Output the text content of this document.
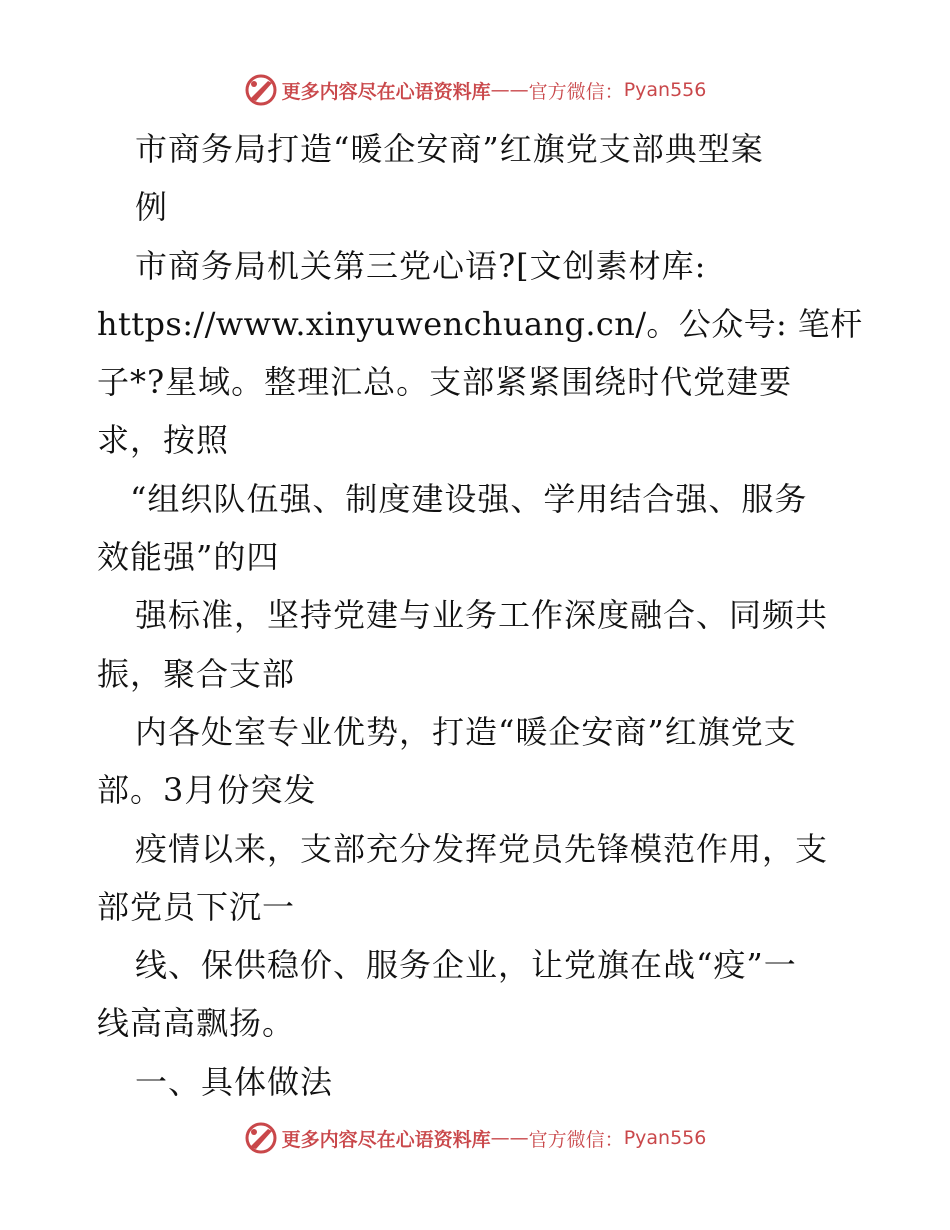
更多内容尽在心语资料库 —— 官方微信： Pyan556
市商务局打造“暖企安商”红旗党支部典型案
例
市商务局机关第三党心语?[文创素材库:
https://www.xinyuwenchuang.cn/。公众号: 笔杆
子*?星域。整理汇总。支部紧紧围绕时代党建要
求，按照
“组织队伍强、制度建设强、学用结合强、服务
效能强”的四
强标准，坚持党建与业务工作深度融合、同频共
振，聚合支部
内各处室专业优势，打造“暖企安商”红旗党支
部。3月份突发
疫情以来，支部充分发挥党员先锋模范作用，支
部党员下沉一
线、保供稳价、服务企业，让党旗在战“疫”一
线高高飘扬。
一、具体做法
更多内容尽在心语资料库 —— 官方微信： Pyan556
